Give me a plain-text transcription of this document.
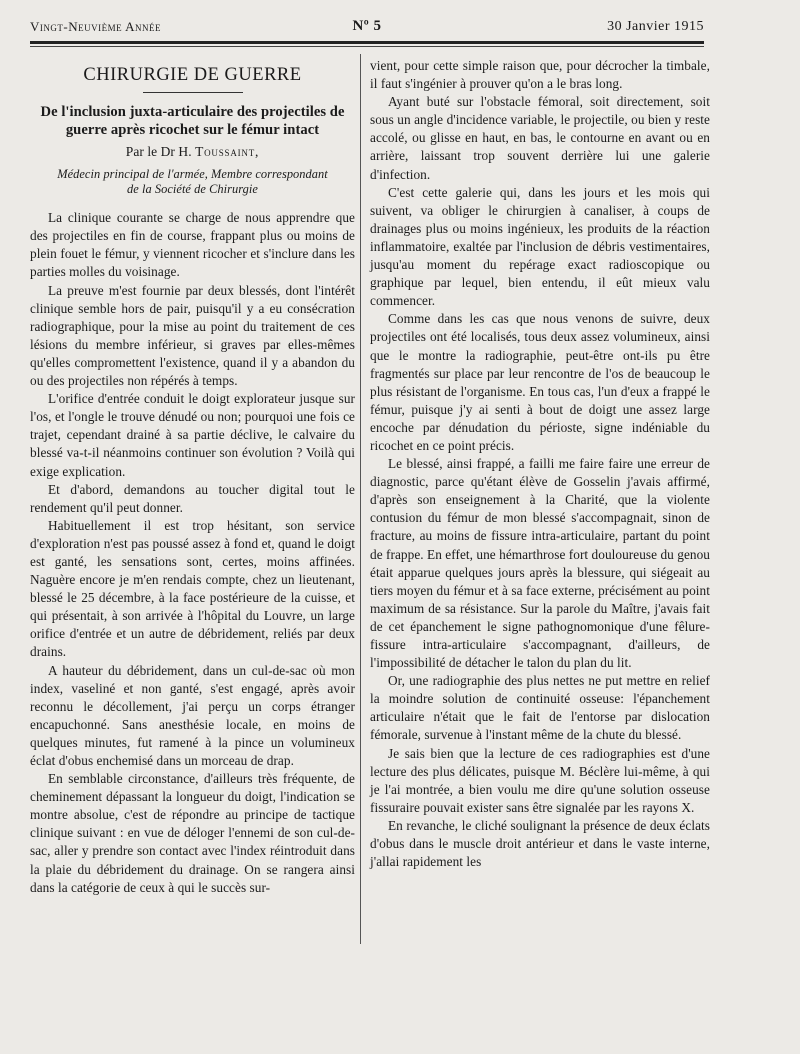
Vingt-Neuvième Année	Nº 5	30 Janvier 1915
CHIRURGIE DE GUERRE
De l'inclusion juxta-articulaire des projectiles de guerre après ricochet sur le fémur intact
Par le Dr H. Toussaint,
Médecin principal de l'armée, Membre correspondant
de la Société de Chirurgie

La clinique courante se charge de nous apprendre que des projectiles en fin de course, frappant plus ou moins de plein fouet le fémur, y viennent ricocher et s'inclure dans les parties molles du voisinage.

La preuve m'est fournie par deux blessés, dont l'intérêt clinique semble hors de pair, puisqu'il y a eu consécration radiographique, pour la mise au point du traitement de ces lésions du membre inférieur, si graves par elles-mêmes qu'elles compromettent l'existence, quand il y a abandon du ou des projectiles non répérés à temps.

L'orifice d'entrée conduit le doigt explorateur jusque sur l'os, et l'ongle le trouve dénudé ou non; pourquoi une fois ce trajet, cependant drainé à sa partie déclive, le calvaire du blessé va-t-il néanmoins continuer son évolution ? Voilà qui exige explication.

Et d'abord, demandons au toucher digital tout le rendement qu'il peut donner.

Habituellement il est trop hésitant, son service d'exploration n'est pas poussé assez à fond et, quand le doigt est ganté, les sensations sont, certes, moins affinées. Naguère encore je m'en rendais compte, chez un lieutenant, blessé le 25 décembre, à la face postérieure de la cuisse, et qui présentait, à son arrivée à l'hôpital du Louvre, un large orifice d'entrée et un autre de débridement, reliés par deux drains.

A hauteur du débridement, dans un cul-de-sac où mon index, vaseliné et non ganté, s'est engagé, après avoir reconnu le décollement, j'ai perçu un corps étranger encapuchonné. Sans anesthésie locale, en moins de quelques minutes, fut ramené à la pince un volumineux éclat d'obus enchemisé dans un morceau de drap.

En semblable circonstance, d'ailleurs très fréquente, de cheminement dépassant la longueur du doigt, l'indication se montre absolue, c'est de répondre au principe de tactique clinique suivant : en vue de déloger l'ennemi de son cul-de-sac, aller y prendre son contact avec l'index réintroduit dans la plaie du débridement du drainage. On se rangera ainsi dans la catégorie de ceux à qui le succès sur-

vient, pour cette simple raison que, pour décrocher la timbale, il faut s'ingénier à prouver qu'on a le bras long.

Ayant buté sur l'obstacle fémoral, soit directement, soit sous un angle d'incidence variable, le projectile, ou bien y reste accolé, ou glisse en haut, en bas, le contourne en avant ou en arrière, laissant trop souvent derrière lui une galerie d'infection.

C'est cette galerie qui, dans les jours et les mois qui suivent, va obliger le chirurgien à canaliser, à coups de drainages plus ou moins ingénieux, les produits de la réaction inflammatoire, exaltée par l'inclusion de débris vestimentaires, jusqu'au moment du repérage exact radioscopique ou graphique par lequel, bien entendu, il eût mieux valu commencer.

Comme dans les cas que nous venons de suivre, deux projectiles ont été localisés, tous deux assez volumineux, ainsi que le montre la radiographie, peut-être ont-ils pu être fragmentés sur place par leur rencontre de l'os de beaucoup le plus résistant de l'organisme. En tous cas, l'un d'eux a frappé le fémur, puisque j'y ai senti à bout de doigt une assez large encoche par dénudation du périoste, signe indéniable du ricochet en ce point précis.

Le blessé, ainsi frappé, a failli me faire faire une erreur de diagnostic, parce qu'étant élève de Gosselin j'avais affirmé, d'après son enseignement à la Charité, que la violente contusion du fémur de mon blessé s'accompagnait, sinon de fracture, au moins de fissure intra-articulaire, partant du point de frappe. En effet, une hémarthrose fort douloureuse du genou était apparue quelques jours après la blessure, qui siégeait au tiers moyen du fémur et à sa face externe, précisément au point maximum de sa résistance. Sur la parole du Maître, j'avais fait de cet épanchement le signe pathognomonique d'une fêlure-fissure intra-articulaire s'accompagnant, d'ailleurs, de l'impossibilité de détacher le talon du plan du lit.

Or, une radiographie des plus nettes ne put mettre en relief la moindre solution de continuité osseuse: l'épanchement articulaire n'était que le fait de l'entorse par dislocation fémorale, survenue à l'instant même de la chute du blessé.

Je sais bien que la lecture de ces radiographies est d'une lecture des plus délicates, puisque M. Béclère lui-même, à qui je l'ai montrée, a bien voulu me dire qu'une solution osseuse fissuraire pouvait exister sans être signalée par les rayons X.

En revanche, le cliché soulignant la présence de deux éclats d'obus dans le muscle droit antérieur et dans le vaste interne, j'allai rapidement les
